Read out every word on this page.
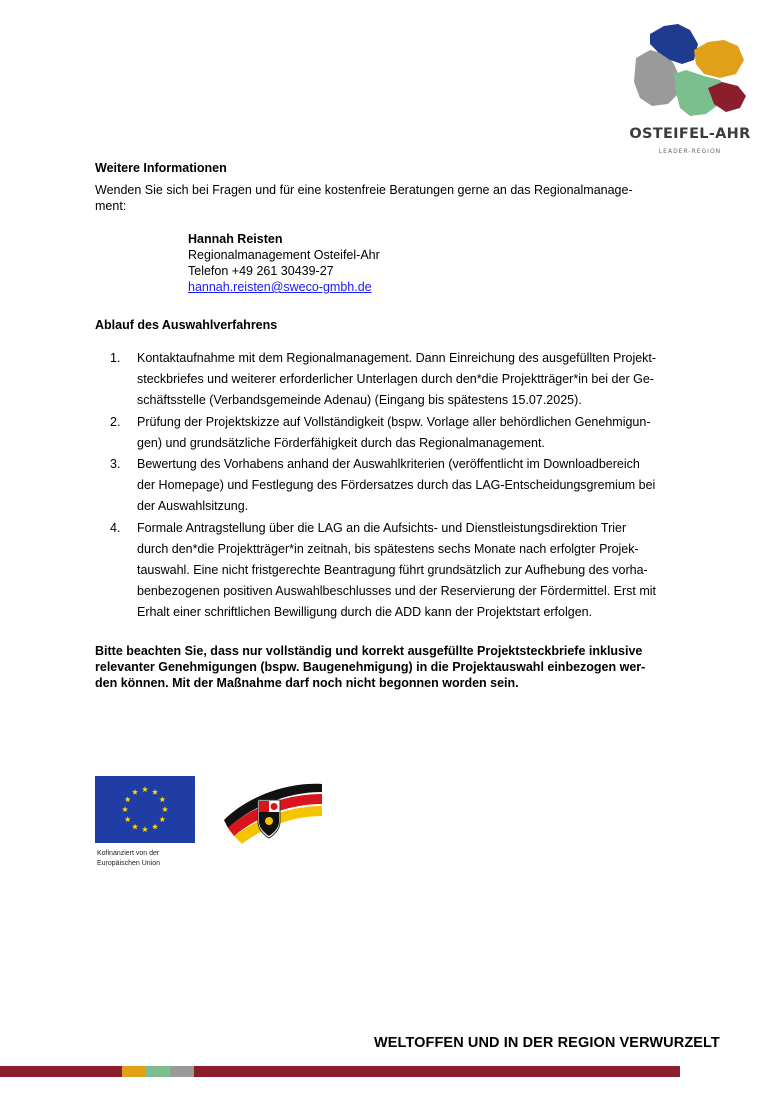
OSTEIFEL-AHR
LEADER-REGION
Weitere Informationen
Wenden Sie sich bei Fragen und für eine kostenfreie Beratungen gerne an das Regionalmanage-
ment:
Hannah Reisten
Regionalmanagement Osteifel-Ahr
Telefon +49 261 30439-27
hannah.reisten@sweco-gmbh.de
Ablauf des Auswahlverfahrens
1. Kontaktaufnahme mit dem Regionalmanagement. Dann Einreichung des ausgefüllten Projekt-
steckbriefes und weiterer erforderlicher Unterlagen durch den*die Projektträger*in bei der Ge-
schäftsstelle (Verbandsgemeinde Adenau) (Eingang bis spätestens 15.07.2025).
2. Prüfung der Projektskizze auf Vollständigkeit (bspw. Vorlage aller behördlichen Genehmigun-
gen) und grundsätzliche Förderfähigkeit durch das Regionalmanagement.
3. Bewertung des Vorhabens anhand der Auswahlkriterien (veröffentlicht im Downloadbereich
der Homepage) und Festlegung des Fördersatzes durch das LAG-Entscheidungsgremium bei
der Auswahlsitzung.
4. Formale Antragstellung über die LAG an die Aufsichts- und Dienstleistungsdirektion Trier
durch den*die Projektträger*in zeitnah, bis spätestens sechs Monate nach erfolgter Projek-
tauswahl. Eine nicht fristgerechte Beantragung führt grundsätzlich zur Aufhebung des vorha-
benbezogenen positiven Auswahlbeschlusses und der Reservierung der Fördermittel. Erst mit
Erhalt einer schriftlichen Bewilligung durch die ADD kann der Projektstart erfolgen.
Bitte beachten Sie, dass nur vollständig und korrekt ausgefüllte Projektsteckbriefe inklusive
relevanter Genehmigungen (bspw. Baugenehmigung) in die Projektauswahl einbezogen wer-
den können. Mit der Maßnahme darf noch nicht begonnen worden sein.
Kofinanziert von der
Europäischen Union
WELTOFFEN UND IN DER REGION VERWURZELT
